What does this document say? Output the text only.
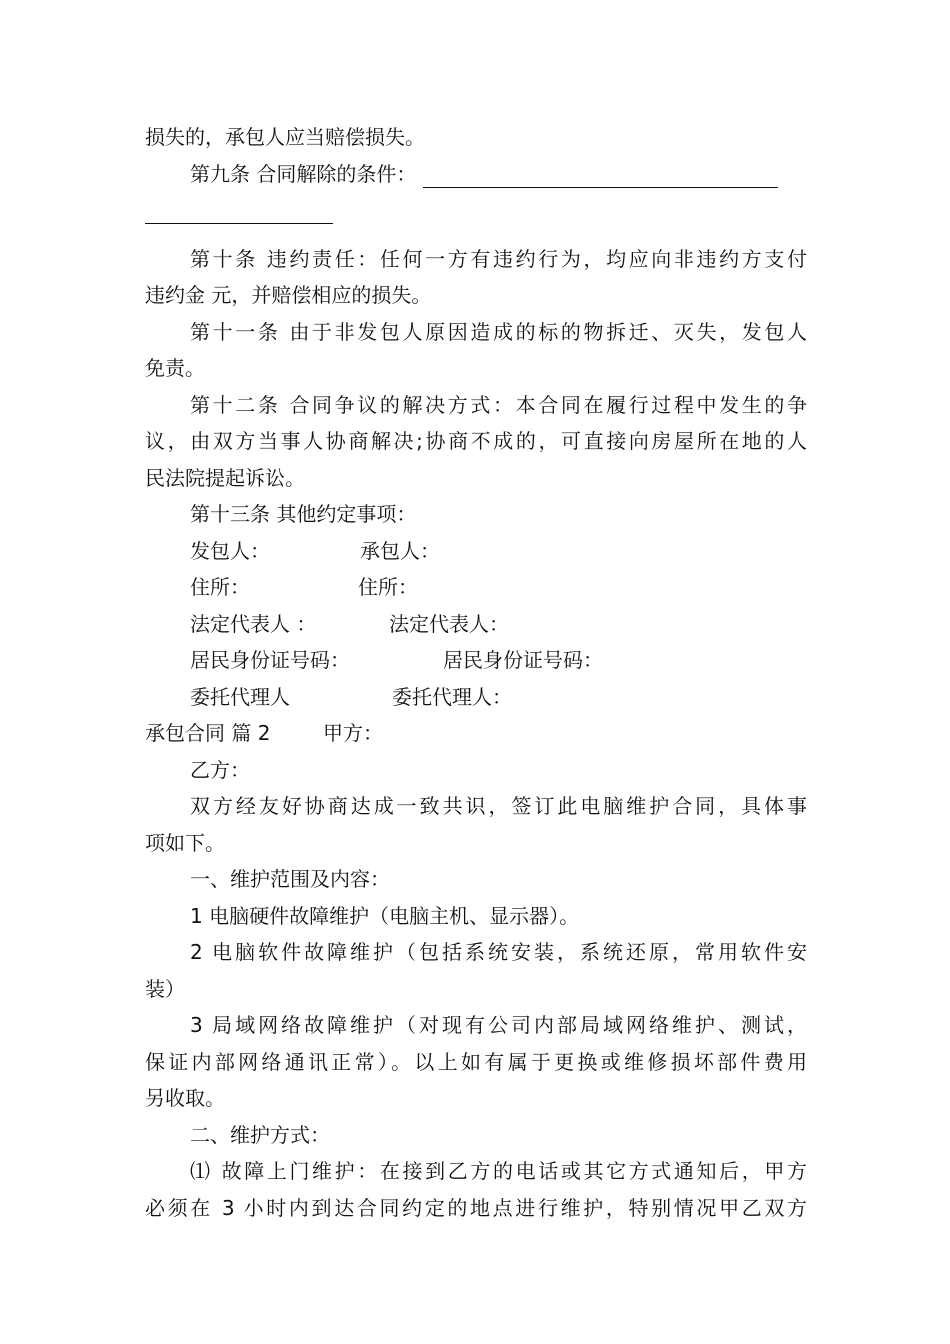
损失的，承包人应当赔偿损失。
第九条 合同解除的条件：
第十条 违约责任：任何一方有违约行为，均应向非违约方支付
违约金 元，并赔偿相应的损失。
第十一条 由于非发包人原因造成的标的物拆迁、灭失，发包人
免责。
第十二条 合同争议的解决方式：本合同在履行过程中发生的争
议，由双方当事人协商解决;协商不成的，可直接向房屋所在地的人
民法院提起诉讼。
第十三条 其他约定事项：
发包人：	承包人：
住所：	住所：
法定代表人 ：	法定代表人：
居民身份证号码：	居民身份证号码：
委托代理人	委托代理人：
承包合同 篇 2	甲方：
乙方：
双方经友好协商达成一致共识，签订此电脑维护合同，具体事
项如下。
一、维护范围及内容：
1 电脑硬件故障维护（电脑主机、显示器）。
2 电脑软件故障维护（包括系统安装，系统还原，常用软件安
装）
3 局域网络故障维护（对现有公司内部局域网络维护、测试，
保证内部网络通讯正常）。以上如有属于更换或维修损坏部件费用
另收取。
二、维护方式：
⑴ 故障上门维护：在接到乙方的电话或其它方式通知后，甲方
必须在 3 小时内到达合同约定的地点进行维护，特别情况甲乙双方
